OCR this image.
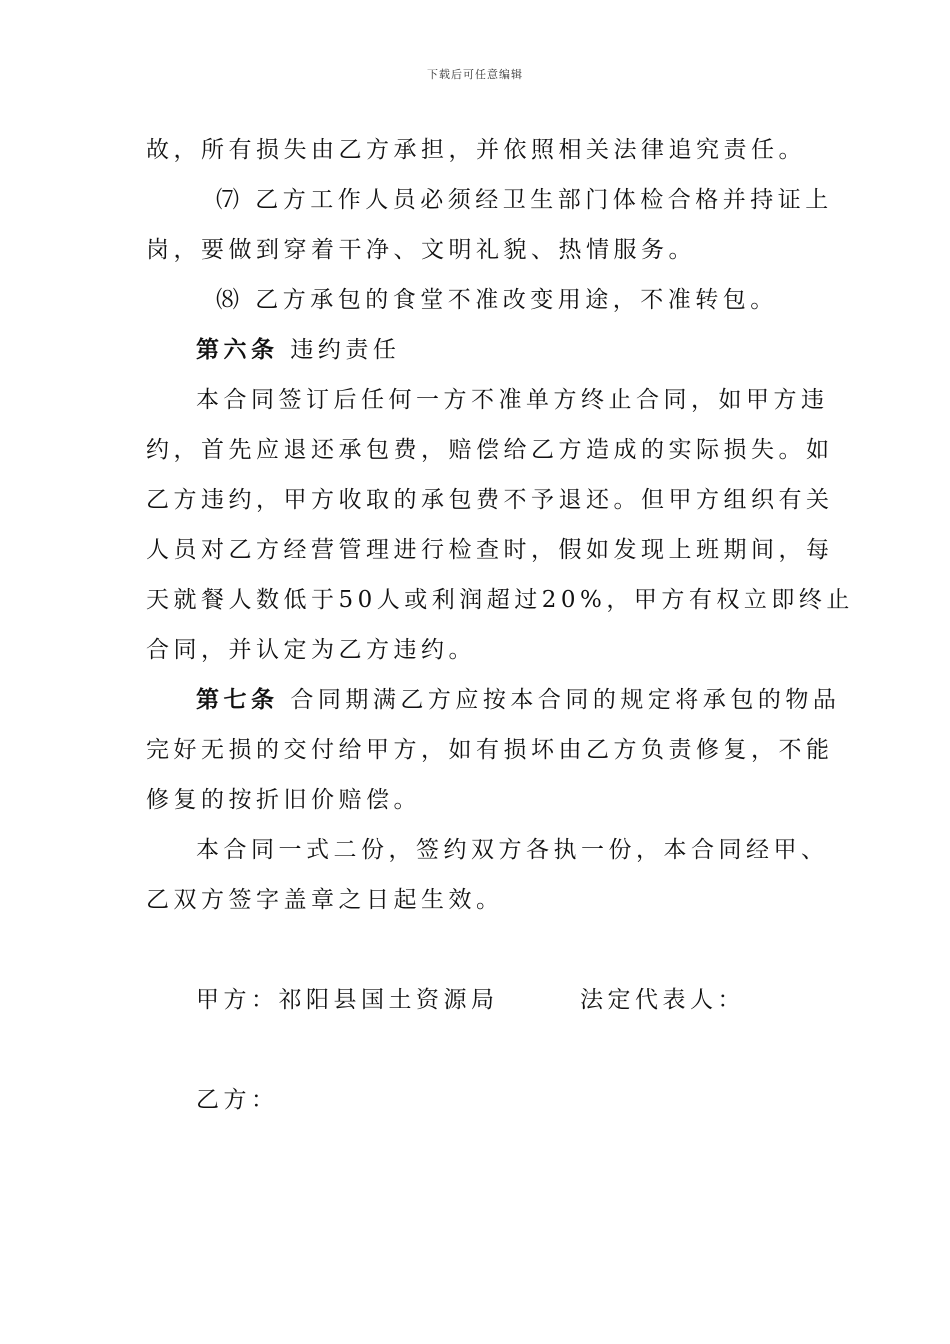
下载后可任意编辑
故，所有损失由乙方承担，并依照相关法律追究责任。
⑺ 乙方工作人员必须经卫生部门体检合格并持证上
岗，要做到穿着干净、文明礼貌、热情服务。
⑻ 乙方承包的食堂不准改变用途，不准转包。
第六条 违约责任
本合同签订后任何一方不准单方终止合同，如甲方违
约，首先应退还承包费，赔偿给乙方造成的实际损失。如
乙方违约，甲方收取的承包费不予退还。但甲方组织有关
人员对乙方经营管理进行检查时，假如发现上班期间，每
天就餐人数低于50人或利润超过20%，甲方有权立即终止
合同，并认定为乙方违约。
第七条 合同期满乙方应按本合同的规定将承包的物品
完好无损的交付给甲方，如有损坏由乙方负责修复，不能
修复的按折旧价赔偿。
本合同一式二份，签约双方各执一份，本合同经甲、
乙双方签字盖章之日起生效。
甲方：祁阳县国土资源局	法定代表人：
乙方：
